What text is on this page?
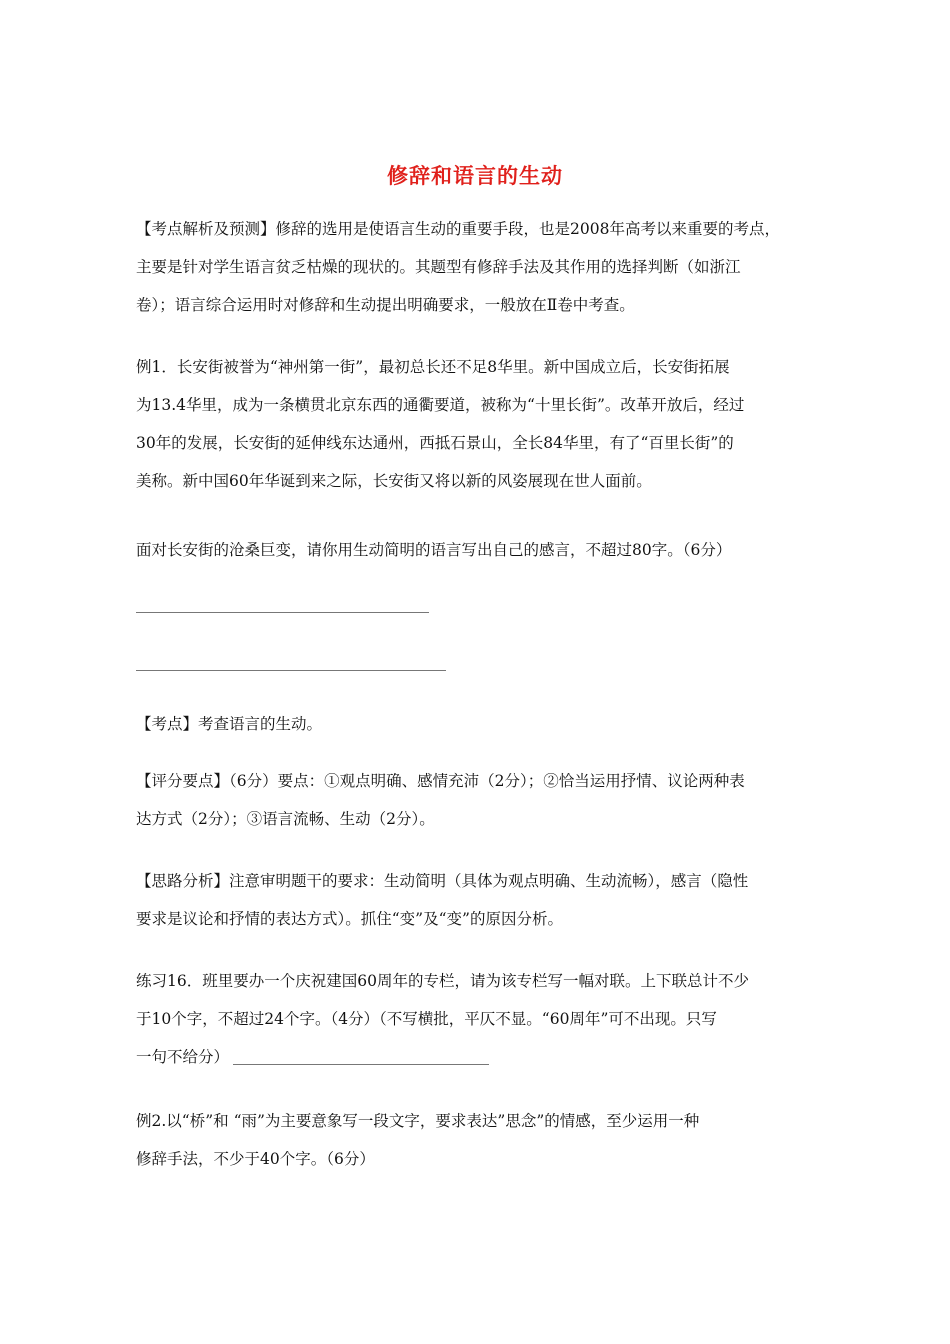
修辞和语言的生动
【考点解析及预测】修辞的选用是使语言生动的重要手段，也是2008年高考以来重要的考点，
主要是针对学生语言贫乏枯燥的现状的。其题型有修辞手法及其作用的选择判断（如浙江
卷）；语言综合运用时对修辞和生动提出明确要求，一般放在Ⅱ卷中考查。
例1．长安街被誉为“神州第一街”，最初总长还不足8华里。新中国成立后，长安街拓展
为13.4华里，成为一条横贯北京东西的通衢要道，被称为“十里长街”。改革开放后，经过
30年的发展，长安街的延伸线东达通州，西抵石景山，全长84华里，有了“百里长街”的
美称。新中国60年华诞到来之际，长安街又将以新的风姿展现在世人面前。
面对长安街的沧桑巨变，请你用生动简明的语言写出自己的感言，不超过80字。（6分）
【考点】考查语言的生动。
【评分要点】（6分）要点：①观点明确、感情充沛（2分）；②恰当运用抒情、议论两种表
达方式（2分）；③语言流畅、生动（2分）。
【思路分析】注意审明题干的要求：生动简明（具体为观点明确、生动流畅），感言（隐性
要求是议论和抒情的表达方式）。抓住“变”及“变”的原因分析。
练习16．班里要办一个庆祝建国60周年的专栏，请为该专栏写一幅对联。上下联总计不少
于10个字，不超过24个字。（4分）（不写横批，平仄不显。“60周年”可不出现。只写
一句不给分）
例2.以“桥”和 “雨”为主要意象写一段文字，要求表达”思念”的情感，至少运用一种
修辞手法，不少于40个字。（6分）
